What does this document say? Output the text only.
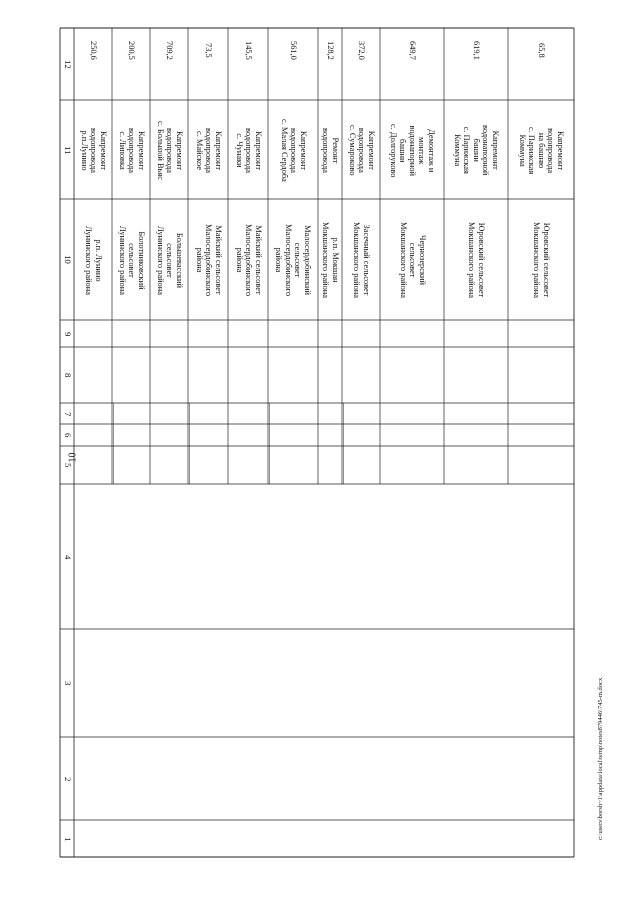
10
12
11
10
9
8
7
6
5
4
3
2
1
250,6
Капремонт
водопровода
р.п.Лунино
р.п. Лунино
Лунинского района
200,5
Капремонт
водопровода
с. Липовка
Болотниковский
сельсовет
Лунинского района
709,2
Капремонт
водопровода
с. Большой Вьяс
Большевасский
сельсовет
Лунинского района
73,5
Капремонт
водопровода
с. Майское
Майский сельсовет
Малосердобинского
района
145,5
Капремонт
водопровода
с. Чунаки
Майский сельсовет
Малосердобинского
района
561,0
Капремонт
водопровода
с. Малая Сердоба
Малосердобинский
сельсовет
Малосердобинского
района
128,2
Ремонт
водопровода
р.п. Мокшан
Мокшанского района
372,0
Капремонт
водопровода
с. Сумароково
Засечный сельсовет
Мокшанского района
649,7
Демонтаж и
монтаж
водонапорной
башни
с. Долгоруково
Чернозерский
сельсовет
Мокшанского района
619,1
Капремонт
водонапорной
башни
с. Парижская
Коммуна
Юровский сельсовет
Мокшанского района
65,8
Капремонт
водопровода
на башню
с. Парижская
Коммуна
Юровский сельсовет
Мокшанского района
c:\users\borsh~1\appdata\local\temp\notes879446\745-m.docx
